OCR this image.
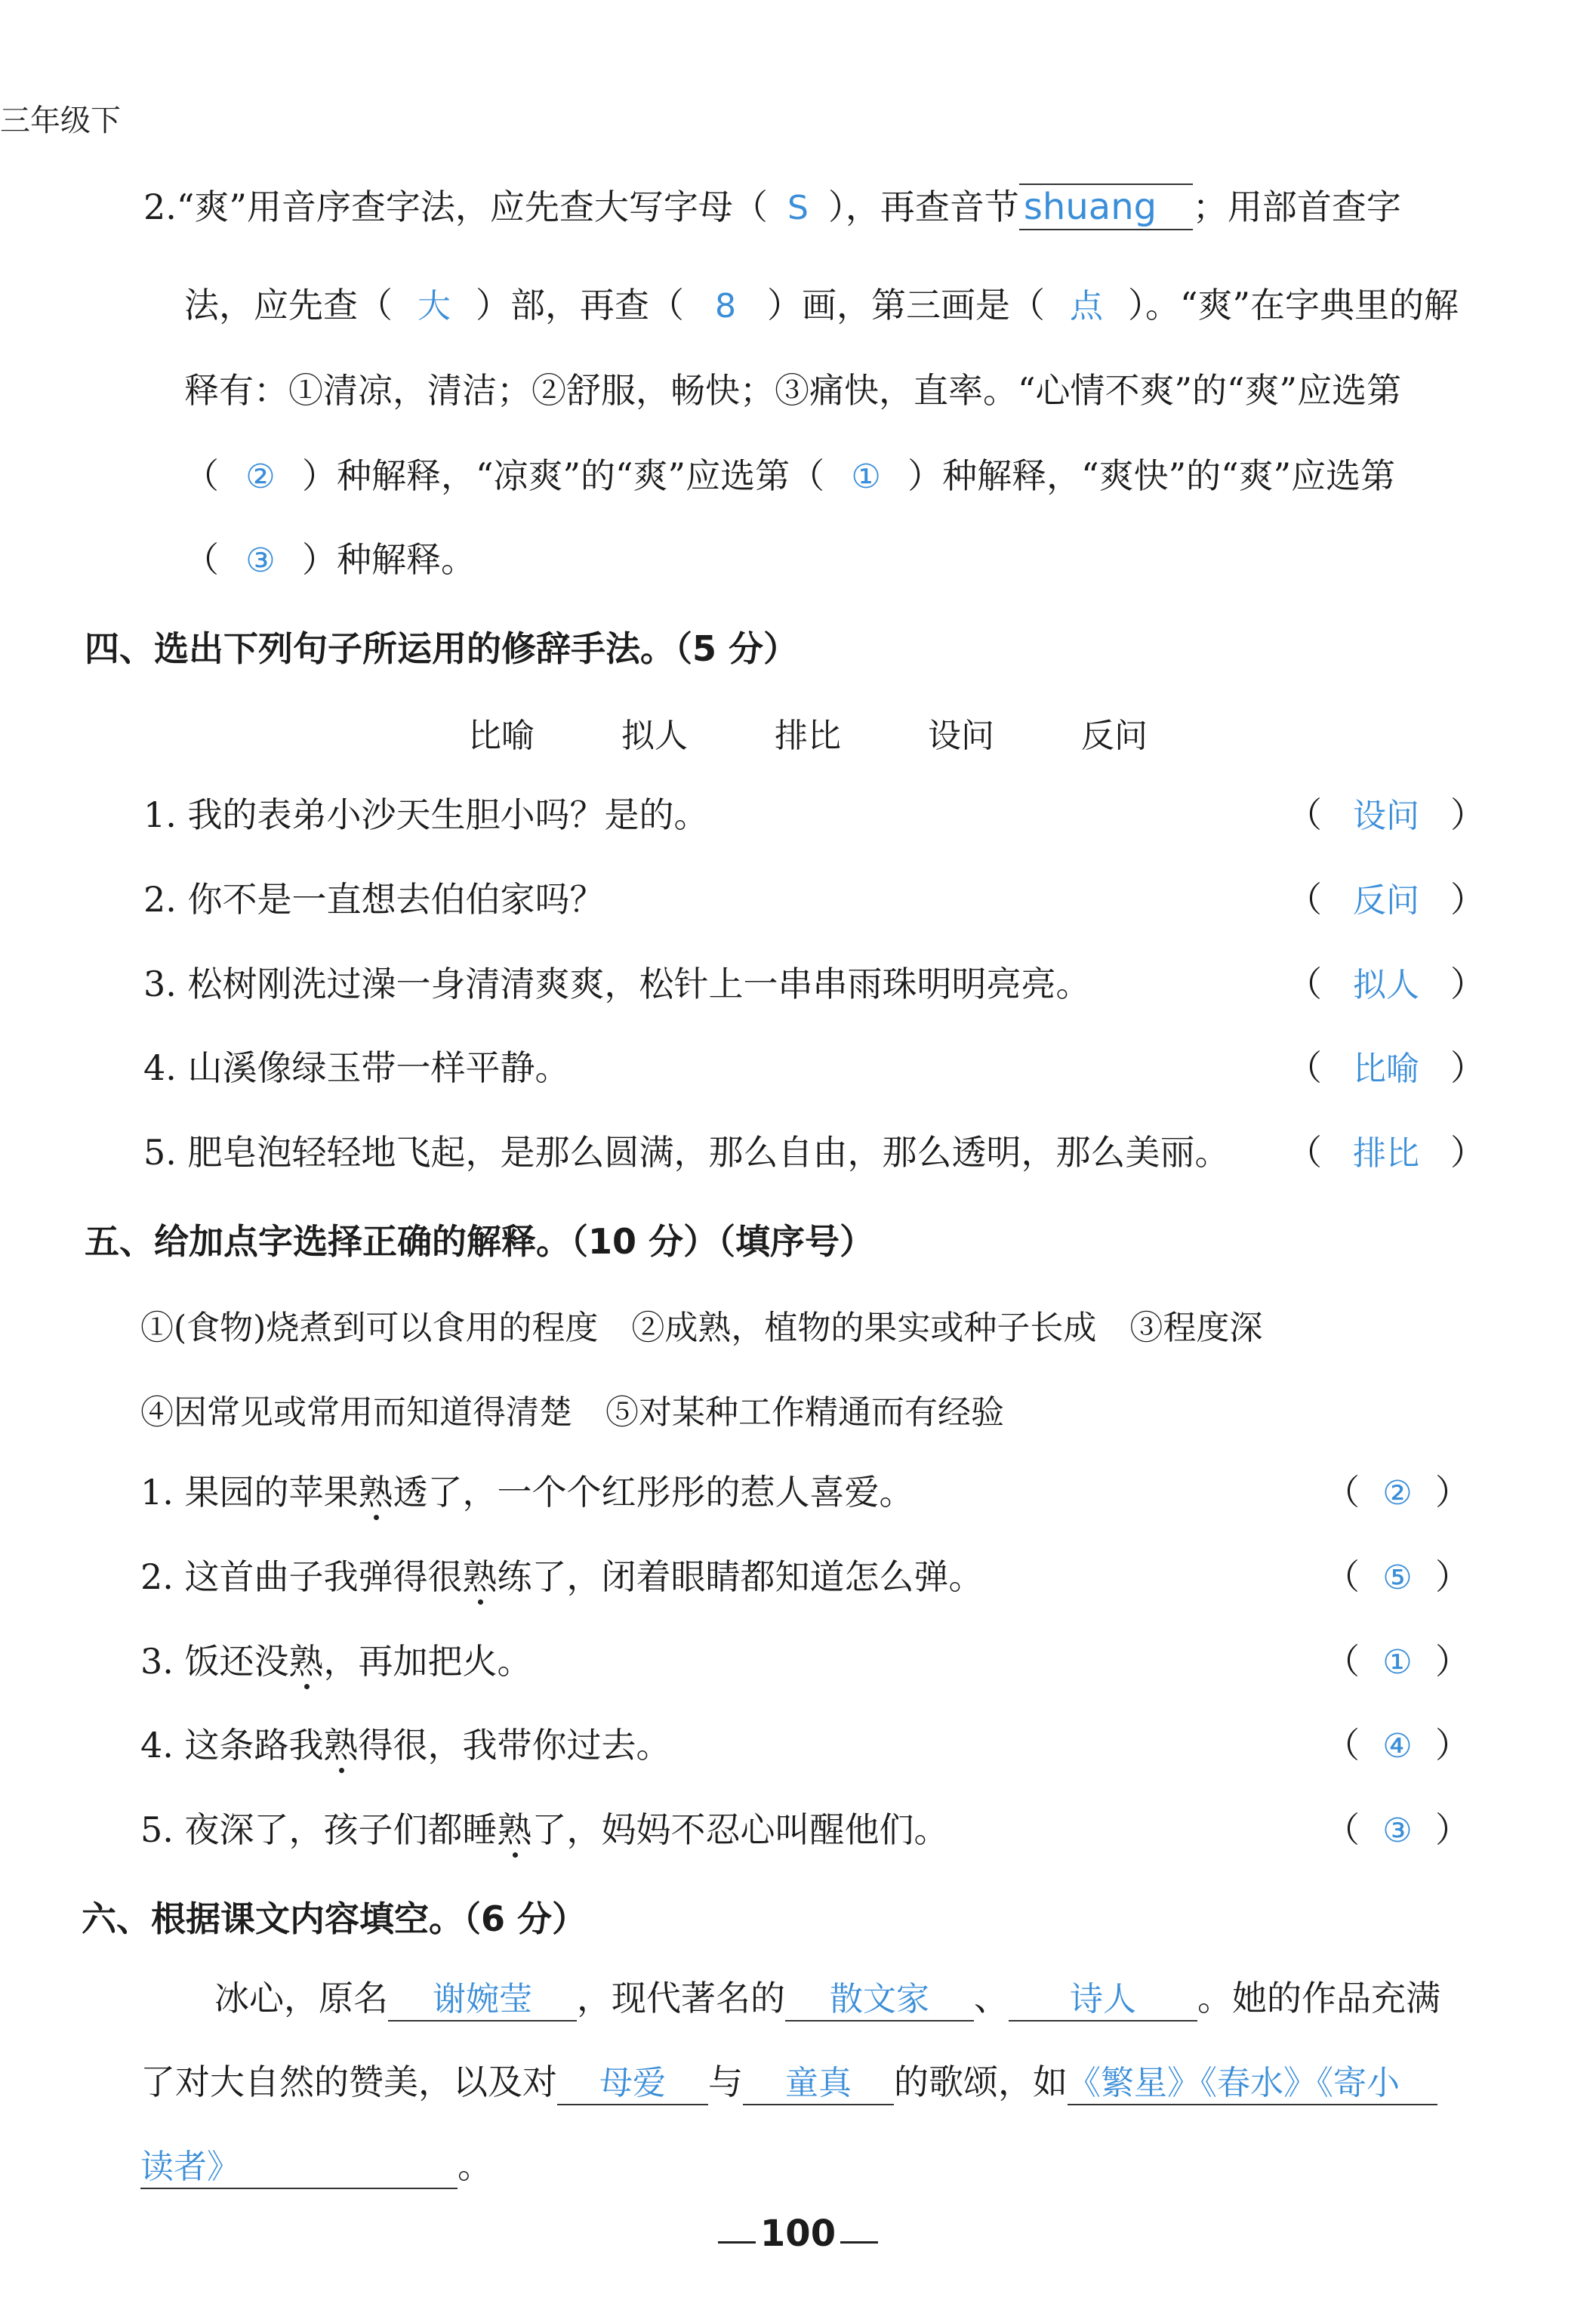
三年级下
2.“爽”用音序查字法，应先查大写字母（ S ），再查音节 shuang ；用部首查字
法，应先查（ 大 ）部，再查（ 8 ）画，第三画是（ 点 ）。“爽”在字典里的解
释有：①清凉，清洁；②舒服，畅快；③痛快，直率。“心情不爽”的“爽”应选第
（ ② ）种解释，“凉爽”的“爽”应选第（ ① ）种解释，“爽快”的“爽”应选第
（ ③ ）种解释。
四、选出下列句子所运用的修辞手法。（5 分）
比喻	拟人	排比	设问	反问
1. 我的表弟小沙天生胆小吗？是的。	（ 设问 ）
2. 你不是一直想去伯伯家吗？	（ 反问 ）
3. 松树刚洗过澡一身清清爽爽，松针上一串串雨珠明明亮亮。	（ 拟人 ）
4. 山溪像绿玉带一样平静。	（ 比喻 ）
5. 肥皂泡轻轻地飞起，是那么圆满，那么自由，那么透明，那么美丽。 （ 排比 ）
五、给加点字选择正确的解释。（10 分）（填序号）
①(食物)烧煮到可以食用的程度　②成熟，植物的果实或种子长成　③程度深
④因常见或常用而知道得清楚　⑤对某种工作精通而有经验
1. 果园的苹果熟透了，一个个红彤彤的惹人喜爱。	（ ② ）
2. 这首曲子我弹得很熟练了，闭着眼睛都知道怎么弹。	（ ⑤ ）
3. 饭还没熟，再加把火。	（ ① ）
4. 这条路我熟得很，我带你过去。	（ ④ ）
5. 夜深了，孩子们都睡熟了，妈妈不忍心叫醒他们。	（ ③ ）
六、根据课文内容填空。（6 分）
冰心，原名 谢婉莹 ，现代著名的 散文家 、 诗人 。她的作品充满
了对大自然的赞美，以及对 母爱 与 童真 的歌颂，如《繁星》《春水》《寄小
读者》	。
100
